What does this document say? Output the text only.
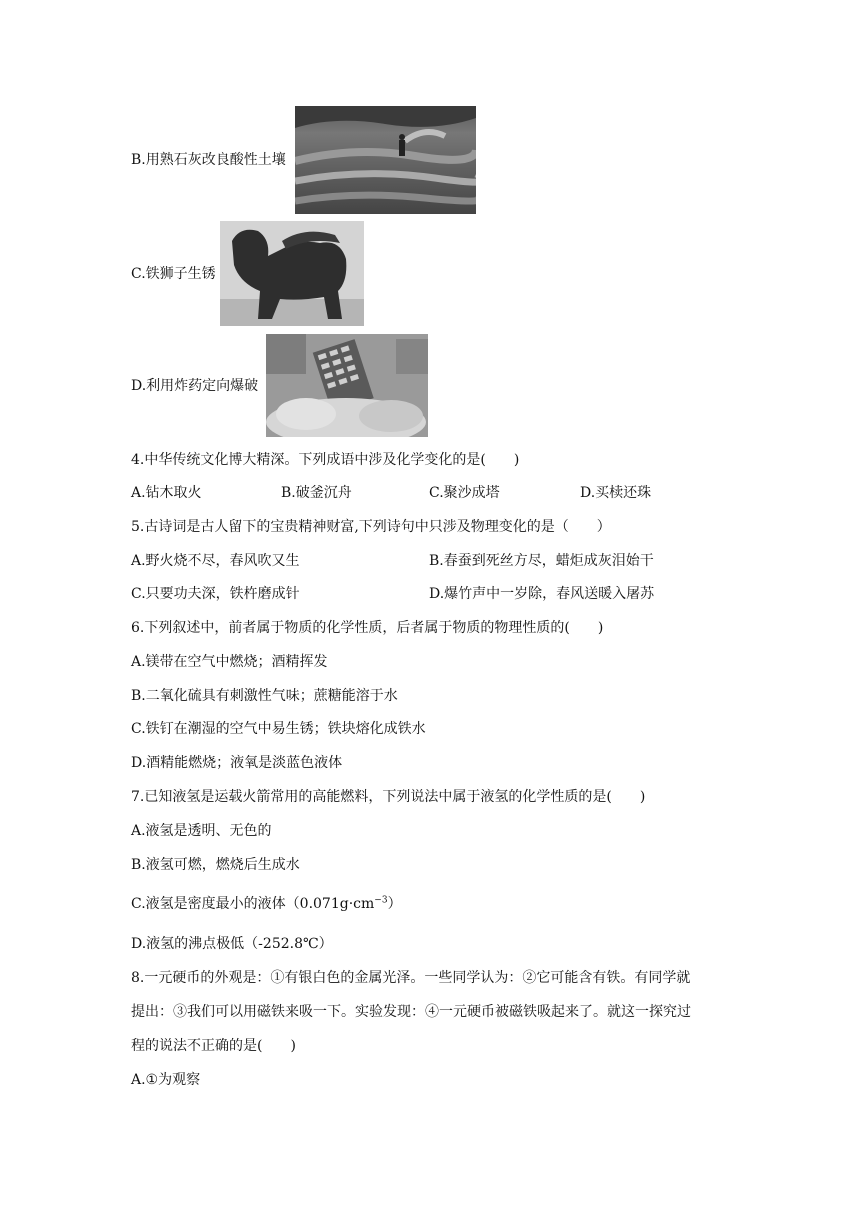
B.用熟石灰改良酸性土壤
C.铁狮子生锈
D.利用炸药定向爆破
4.中华传统文化博大精深。下列成语中涉及化学变化的是(　　)
A.钻木取火	B.破釜沉舟	C.聚沙成塔	D.买椟还珠
5.古诗词是古人留下的宝贵精神财富,下列诗句中只涉及物理变化的是（　　）
A.野火烧不尽，春风吹又生	B.春蚕到死丝方尽，蜡炬成灰泪始干
C.只要功夫深，铁杵磨成针	D.爆竹声中一岁除，春风送暖入屠苏
6.下列叙述中，前者属于物质的化学性质，后者属于物质的物理性质的(　　)
A.镁带在空气中燃烧；酒精挥发
B.二氧化硫具有刺激性气味；蔗糖能溶于水
C.铁钉在潮湿的空气中易生锈；铁块熔化成铁水
D.酒精能燃烧；液氧是淡蓝色液体
7.已知液氢是运载火箭常用的高能燃料，下列说法中属于液氢的化学性质的是(　　)
A.液氢是透明、无色的
B.液氢可燃，燃烧后生成水
C.液氢是密度最小的液体$(0.071g\cdot cm^{-3})$
D.液氢的沸点极低（-252.8℃）
8.一元硬币的外观是：①有银白色的金属光泽。一些同学认为：②它可能含有铁。有同学就
提出：③我们可以用磁铁来吸一下。实验发现：④一元硬币被磁铁吸起来了。就这一探究过
程的说法不正确的是(　　)
A.①为观察
